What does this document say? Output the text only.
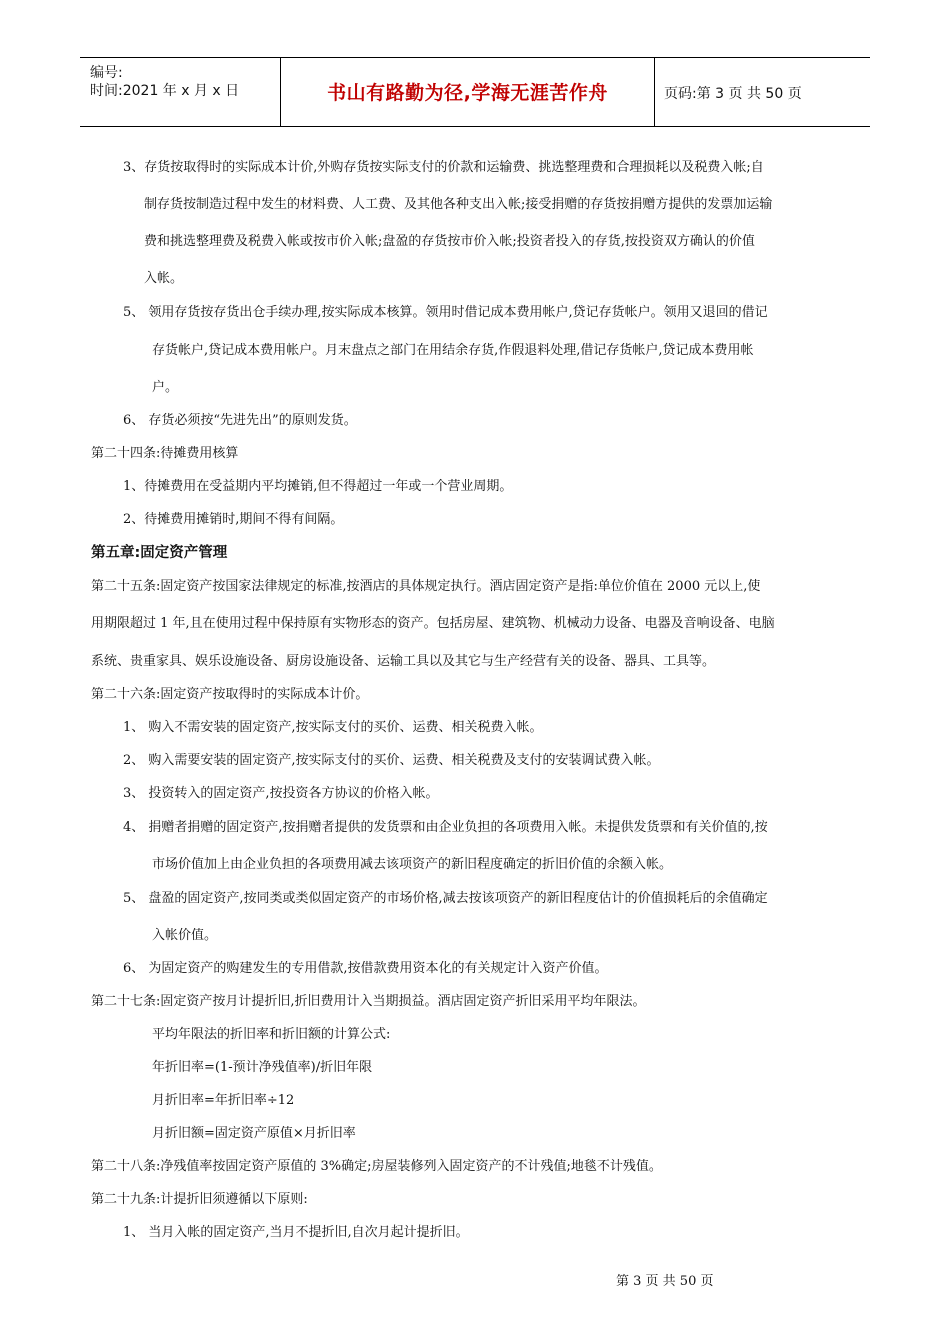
编号:
时间:2021 年 x 月 x 日	书山有路勤为径,学海无涯苦作舟	页码:第 3 页 共 50 页
3、存货按取得时的实际成本计价,外购存货按实际支付的价款和运输费、挑选整理费和合理损耗以及税费入帐;自
制存货按制造过程中发生的材料费、人工费、及其他各种支出入帐;接受捐赠的存货按捐赠方提供的发票加运输
费和挑选整理费及税费入帐或按市价入帐;盘盈的存货按市价入帐;投资者投入的存货,按投资双方确认的价值
入帐。
5、 领用存货按存货出仓手续办理,按实际成本核算。领用时借记成本费用帐户,贷记存货帐户。领用又退回的借记
存货帐户,贷记成本费用帐户。月末盘点之部门在用结余存货,作假退料处理,借记存货帐户,贷记成本费用帐
户。
6、 存货必须按“先进先出”的原则发货。
第二十四条:待摊费用核算
1、待摊费用在受益期内平均摊销,但不得超过一年或一个营业周期。
2、待摊费用摊销时,期间不得有间隔。
第五章:固定资产管理
第二十五条:固定资产按国家法律规定的标准,按酒店的具体规定执行。酒店固定资产是指:单位价值在 2000 元以上,使
用期限超过 1 年,且在使用过程中保持原有实物形态的资产。包括房屋、建筑物、机械动力设备、电器及音响设备、电脑
系统、贵重家具、娱乐设施设备、厨房设施设备、运输工具以及其它与生产经营有关的设备、器具、工具等。
第二十六条:固定资产按取得时的实际成本计价。
1、 购入不需安装的固定资产,按实际支付的买价、运费、相关税费入帐。
2、 购入需要安装的固定资产,按实际支付的买价、运费、相关税费及支付的安装调试费入帐。
3、 投资转入的固定资产,按投资各方协议的价格入帐。
4、 捐赠者捐赠的固定资产,按捐赠者提供的发货票和由企业负担的各项费用入帐。未提供发货票和有关价值的,按
市场价值加上由企业负担的各项费用减去该项资产的新旧程度确定的折旧价值的余额入帐。
5、 盘盈的固定资产,按同类或类似固定资产的市场价格,减去按该项资产的新旧程度估计的价值损耗后的余值确定
入帐价值。
6、 为固定资产的购建发生的专用借款,按借款费用资本化的有关规定计入资产价值。
第二十七条:固定资产按月计提折旧,折旧费用计入当期损益。酒店固定资产折旧采用平均年限法。
平均年限法的折旧率和折旧额的计算公式:
年折旧率=(1-预计净残值率)/折旧年限
月折旧率=年折旧率÷12
月折旧额=固定资产原值×月折旧率
第二十八条:净残值率按固定资产原值的 3%确定;房屋装修列入固定资产的不计残值;地毯不计残值。
第二十九条:计提折旧须遵循以下原则:
1、 当月入帐的固定资产,当月不提折旧,自次月起计提折旧。
第 3 页 共 50 页
